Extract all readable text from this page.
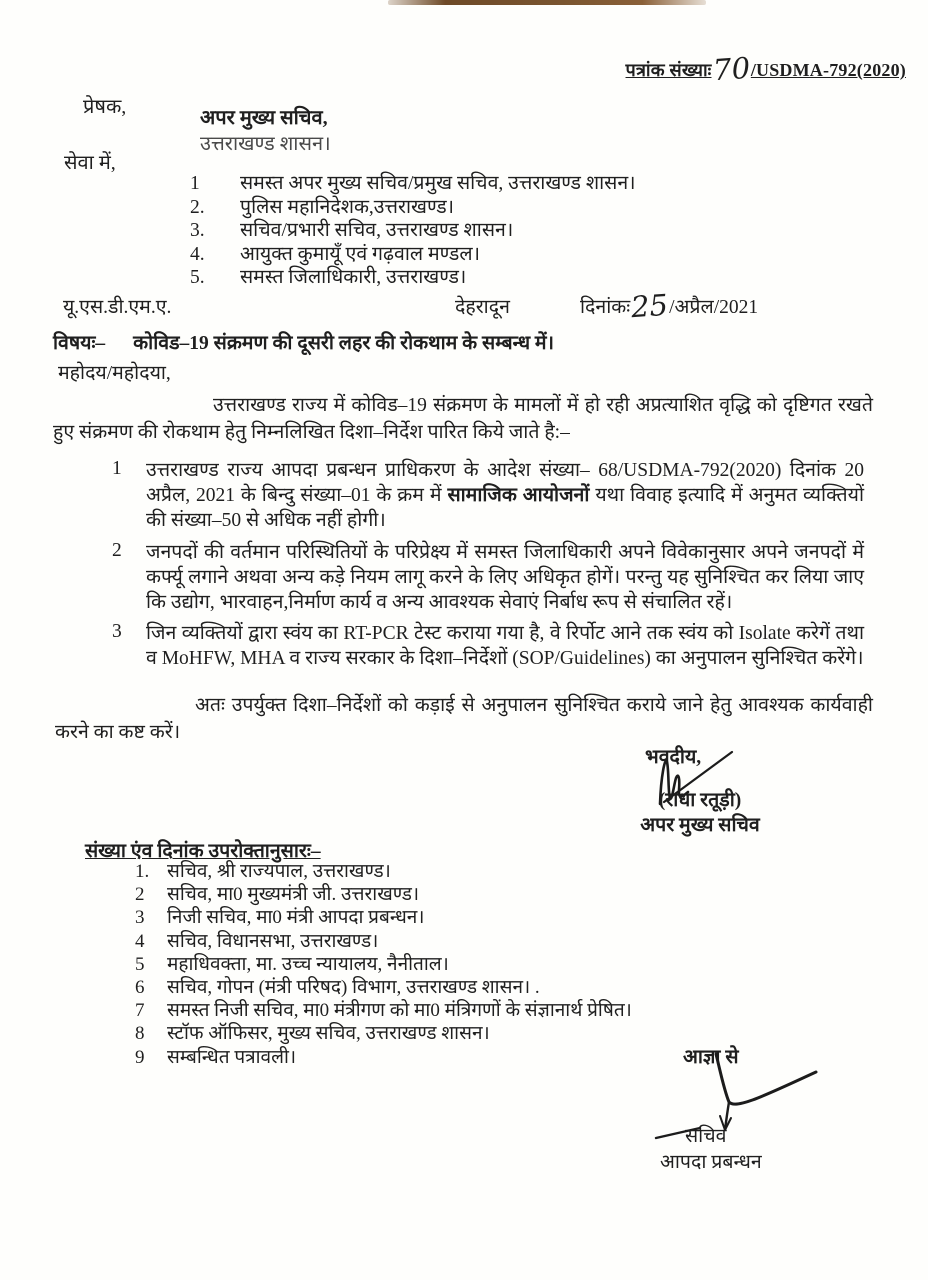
पत्रांक संख्याः70/USDMA-792(2020)
प्रेषक,	अपर मुख्य सचिव,
उत्तराखण्ड शासन।
सेवा में,
1	समस्त अपर मुख्य सचिव/प्रमुख सचिव, उत्तराखण्ड शासन।
2.	पुलिस महानिदेशक,उत्तराखण्ड।
3.	सचिव/प्रभारी सचिव, उत्तराखण्ड शासन।
4.	आयुक्त कुमायूँ एवं गढ़वाल मण्डल।
5.	समस्त जिलाधिकारी, उत्तराखण्ड।
यू.एस.डी.एम.ए.	देहरादून	दिनांकः25/अप्रैल/2021
विषयः– कोविड–19 संक्रमण की दूसरी लहर की रोकथाम के सम्बन्ध में।
महोदय/महोदया,
उत्तराखण्ड राज्य में कोविड–19 संक्रमण के मामलों में हो रही अप्रत्याशित वृद्धि को दृष्टिगत रखते हुए संक्रमण की रोकथाम हेतु निम्नलिखित दिशा–निर्देश पारित किये जाते है:–
1	उत्तराखण्ड राज्य आपदा प्रबन्धन प्राधिकरण के आदेश संख्या– 68/USDMA-792(2020) दिनांक 20 अप्रैल, 2021 के बिन्दु संख्या–01 के क्रम में सामाजिक आयोजनों यथा विवाह इत्यादि में अनुमत व्यक्तियों की संख्या–50 से अधिक नहीं होगी।
2	जनपदों की वर्तमान परिस्थितियों के परिप्रेक्ष्य में समस्त जिलाधिकारी अपने विवेकानुसार अपने जनपदों में कर्फ्यू लगाने अथवा अन्य कड़े नियम लागू करने के लिए अधिकृत होगें। परन्तु यह सुनिश्चित कर लिया जाए कि उद्योग, भारवाहन,निर्माण कार्य व अन्य आवश्यक सेवाएं निर्बाध रूप से संचालित रहें।
3	जिन व्यक्तियों द्वारा स्वंय का RT-PCR टेस्ट कराया गया है, वे रिर्पोट आने तक स्वंय को Isolate करेगें तथा व MoHFW, MHA व राज्य सरकार के दिशा–निर्देशों (SOP/Guidelines) का अनुपालन सुनिश्चित करेंगे।
अतः उपर्युक्त दिशा–निर्देशों को कड़ाई से अनुपालन सुनिश्चित कराये जाने हेतु आवश्यक कार्यवाही करने का कष्ट करें।
भवदीय,
(राधा रतूड़ी)
अपर मुख्य सचिव
संख्या एंव दिनांक उपरोक्तानुसारः–
1. सचिव, श्री राज्यपाल, उत्तराखण्ड।
2	सचिव, मा0 मुख्यमंत्री जी. उत्तराखण्ड।
3	निजी सचिव, मा0 मंत्री आपदा प्रबन्धन।
4	सचिव, विधानसभा, उत्तराखण्ड।
5	महाधिवक्ता, मा. उच्च न्यायालय, नैनीताल।
6	सचिव, गोपन (मंत्री परिषद) विभाग, उत्तराखण्ड शासन। .
7	समस्त निजी सचिव, मा0 मंत्रीगण को मा0 मंत्रिगणों के संज्ञानार्थ प्रेषित।
8	स्टॉफ ऑफिसर, मुख्य सचिव, उत्तराखण्ड शासन।
9	सम्बन्धित पत्रावली।	आज्ञा से
सचिव
आपदा प्रबन्धन
